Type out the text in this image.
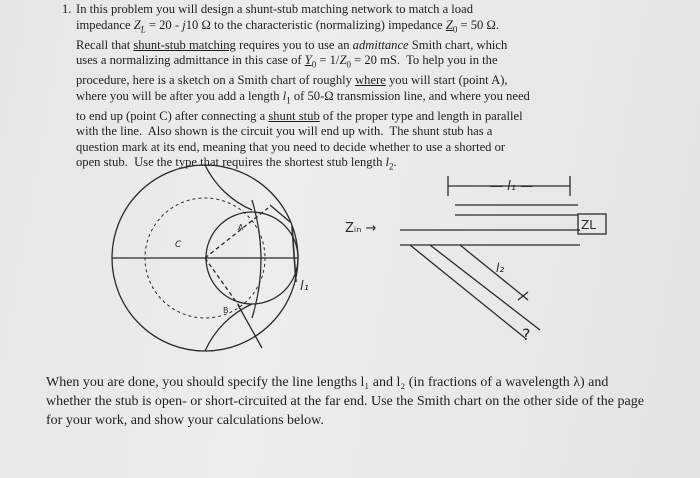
1. In this problem you will design a shunt-stub matching network to match a load
impedance $Z_L = 20 - j10$ Ω to the characteristic (normalizing) impedance $Z_0 = 50$ Ω.
Recall that shunt-stub matching requires you to use an admittance Smith chart, which
uses a normalizing admittance in this case of $Y_0 = 1/Z_0 = 20$ mS.  To help you in the
procedure, here is a sketch on a Smith chart of roughly where you will start (point A),
where you will be after you add a length $l_1$ of 50-Ω transmission line, and where you need
to end up (point C) after connecting a shunt stub of the proper type and length in parallel
with the line.  Also shown is the circuit you will end up with.  The shunt stub has a
question mark at its end, meaning that you need to decide whether to use a shorted or
open stub.  Use the type that requires the shortest stub length $l_2$.

C
A
B
l₁
Zᵢₙ →
— l₁ —
ZL
l₂
?

When you are done, you should specify the line lengths l₁ and l₂ (in fractions of a wavelength λ) and whether the stub is open- or short-circuited at the far end. Use the Smith chart on the other side of the page for your work, and show your calculations below.
